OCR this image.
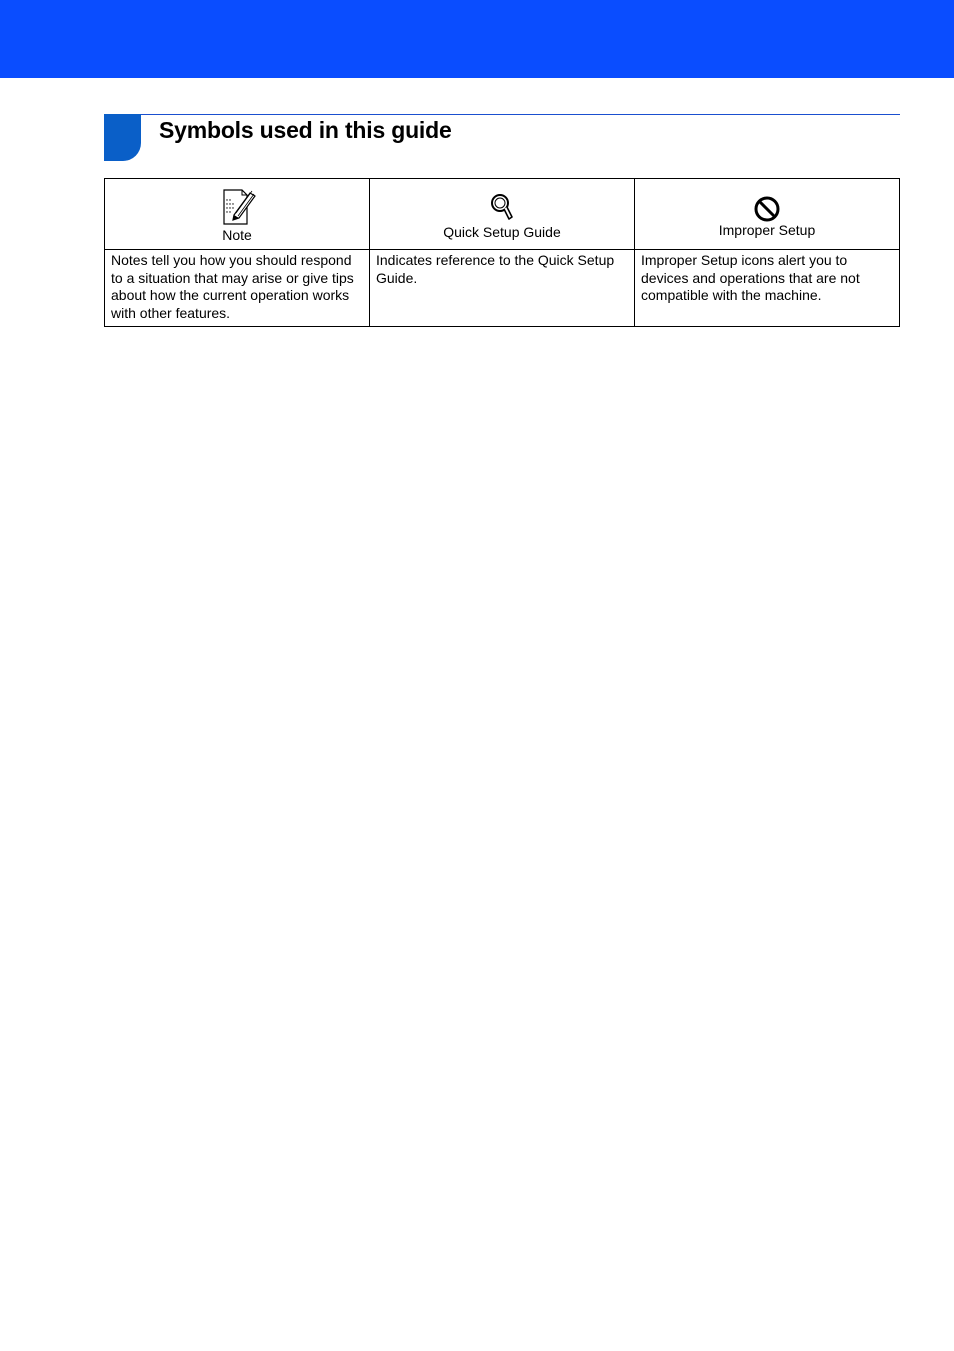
Symbols used in this guide
Note	Quick Setup Guide	Improper Setup

Notes tell you how you should respond to a situation that may arise or give tips about how the current operation works with other features.	Indicates reference to the Quick Setup Guide.	Improper Setup icons alert you to devices and operations that are not compatible with the machine.
